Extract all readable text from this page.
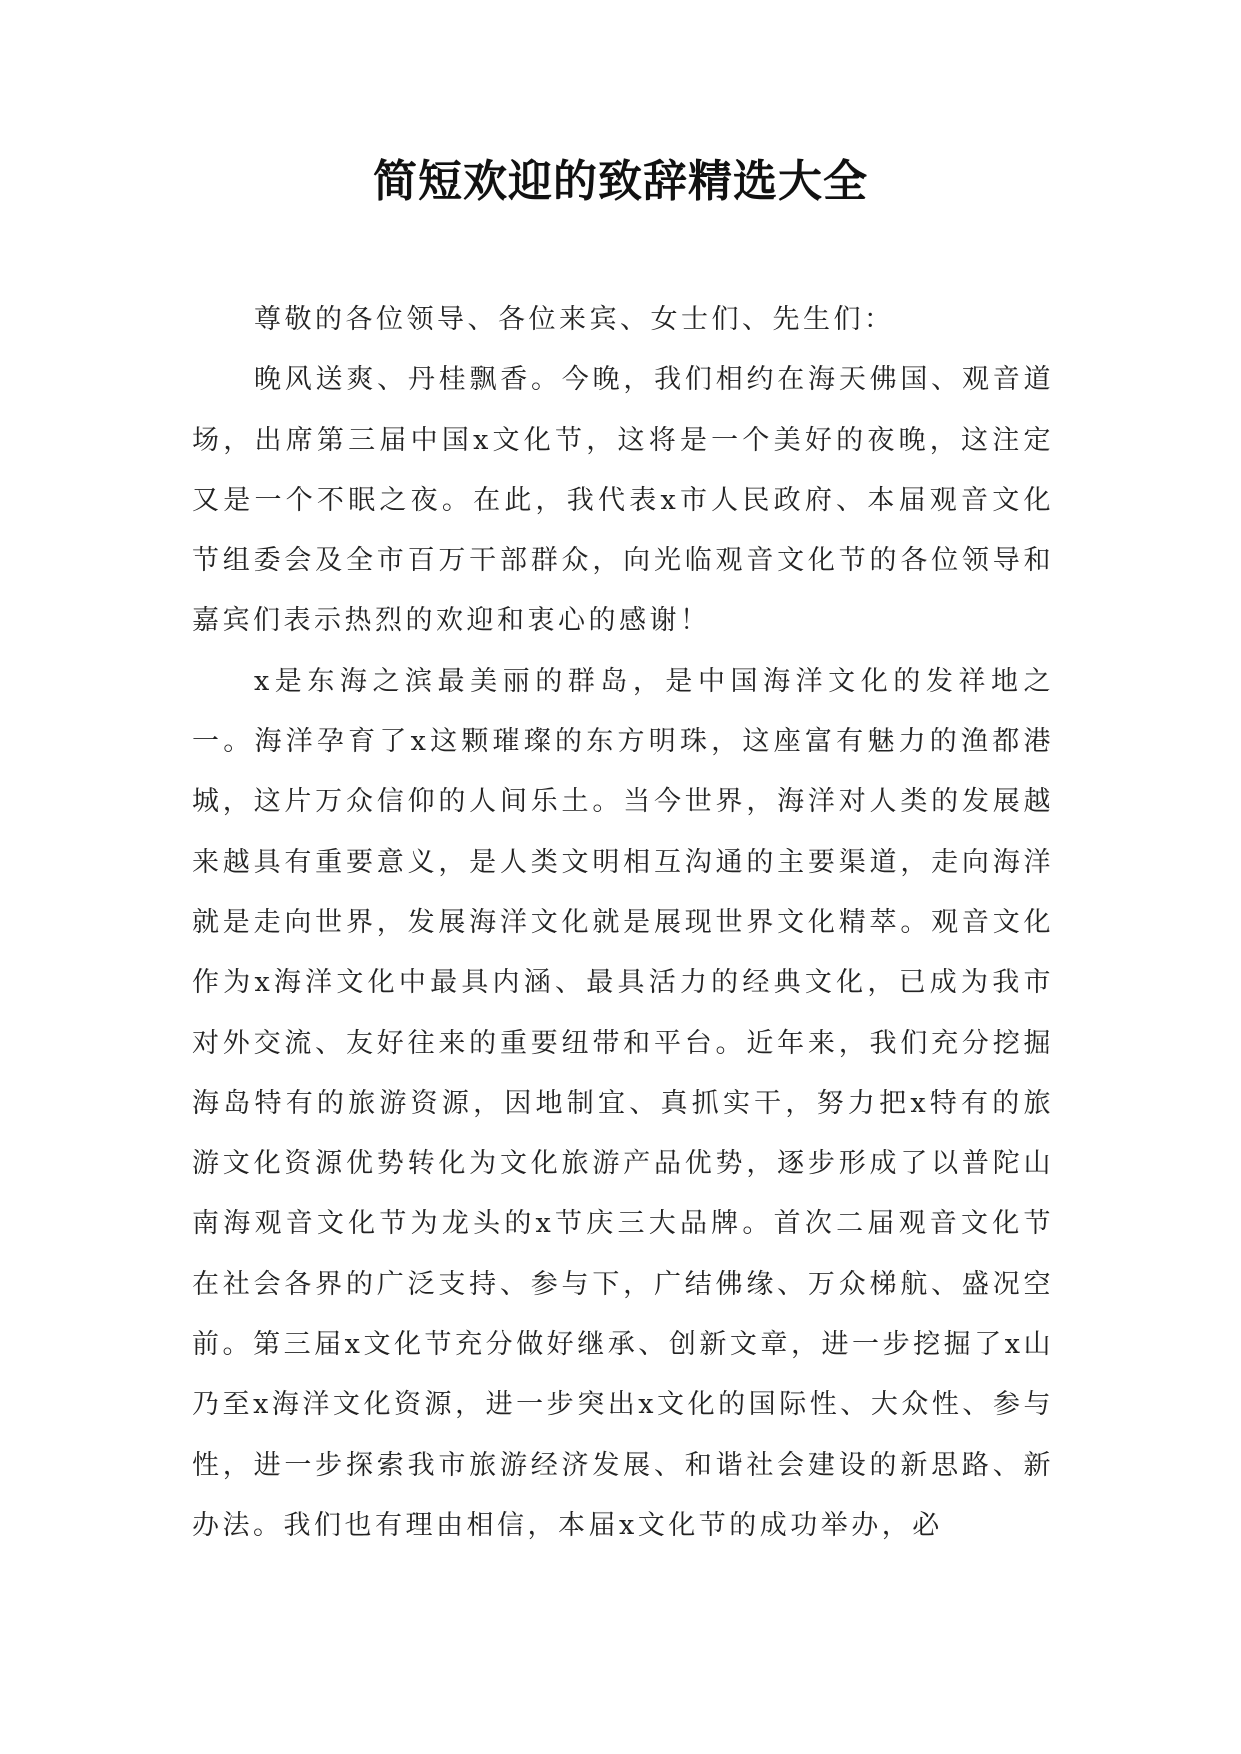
简短欢迎的致辞精选大全

尊敬的各位领导、各位来宾、女士们、先生们：

晚风送爽、丹桂飘香。今晚，我们相约在海天佛国、观音道场，出席第三届中国x文化节，这将是一个美好的夜晚，这注定又是一个不眠之夜。在此，我代表x市人民政府、本届观音文化节组委会及全市百万干部群众，向光临观音文化节的各位领导和嘉宾们表示热烈的欢迎和衷心的感谢！

x是东海之滨最美丽的群岛，是中国海洋文化的发祥地之一。海洋孕育了x这颗璀璨的东方明珠，这座富有魅力的渔都港城，这片万众信仰的人间乐土。当今世界，海洋对人类的发展越来越具有重要意义，是人类文明相互沟通的主要渠道，走向海洋就是走向世界，发展海洋文化就是展现世界文化精萃。观音文化作为x海洋文化中最具内涵、最具活力的经典文化，已成为我市对外交流、友好往来的重要纽带和平台。近年来，我们充分挖掘海岛特有的旅游资源，因地制宜、真抓实干，努力把x特有的旅游文化资源优势转化为文化旅游产品优势，逐步形成了以普陀山南海观音文化节为龙头的x节庆三大品牌。首次二届观音文化节在社会各界的广泛支持、参与下，广结佛缘、万众梯航、盛况空前。第三届x文化节充分做好继承、创新文章，进一步挖掘了x山乃至x海洋文化资源，进一步突出x文化的国际性、大众性、参与性，进一步探索我市旅游经济发展、和谐社会建设的新思路、新办法。我们也有理由相信，本届x文化节的成功举办，必
